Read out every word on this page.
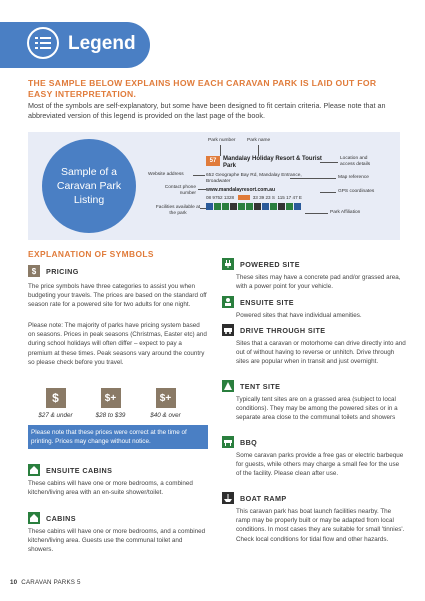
Legend
THE SAMPLE BELOW EXPLAINS HOW EACH CARAVAN PARK IS LAID OUT FOR EASY INTERPRETATION.
Most of the symbols are self-explanatory, but some have been designed to fit certain criteria. Please note that an abbreviated version of this legend is provided on the last page of the book.
Sample of a Caravan Park Listing
Park number Park name
Location and access details
Website address
Map reference
Contact phone number	GPS coordinates
Facilities available at the park	Park Affiliation
57	Mandalay Holiday Resort & Tourist Park
652 Geographe Bay Rd, Mandalay Entrance, Broadwater
www.mandalayresort.com.au
08 9752 1328	33 39 23 S 115 17 47 E
EXPLANATION OF SYMBOLS
$	PRICING
The price symbols have three categories to assist you when budgeting your travels. The prices are based on the standard off season rate for a powered site for two adults for one night.
Please note: The majority of parks have pricing system based on seasons. Prices in peak seasons (Christmas, Easter etc) and during school holidays will often differ – expect to pay a premium at these times. Peak seasons vary around the country so please check before you travel.
$
$27 & under
$+
$28 to $39
$+
$40 & over
Please note that these prices were correct at the time of printing. Prices may change without notice.
ENSUITE CABINS
These cabins will have one or more bedrooms, a combined kitchen/living area with an en-suite shower/toilet.
CABINS
These cabins will have one or more bedrooms, and a combined kitchen/living area. Guests use the communal toilet and showers.
POWERED SITE
These sites may have a concrete pad and/or grassed area, with a power point for your vehicle.
ENSUITE SITE
Powered sites that have individual amenities.
DRIVE THROUGH SITE
Sites that a caravan or motorhome can drive directly into and out of without having to reverse or unhitch. Drive through sites are popular when in transit and just overnight.
TENT SITE
Typically tent sites are on a grassed area (subject to local conditions). They may be among the powered sites or in a separate area close to the communal toilets and showers
BBQ
Some caravan parks provide a free gas or electric barbeque for guests, while others may charge a small fee for the use of the facility. Please clean after use.
BOAT RAMP
This caravan park has boat launch facilities nearby. The ramp may be properly built or may be adapted from local conditions. In most cases they are suitable for small 'tinnies'. Check local conditions for tidal flow and other hazards.
10 CARAVAN PARKS 5
